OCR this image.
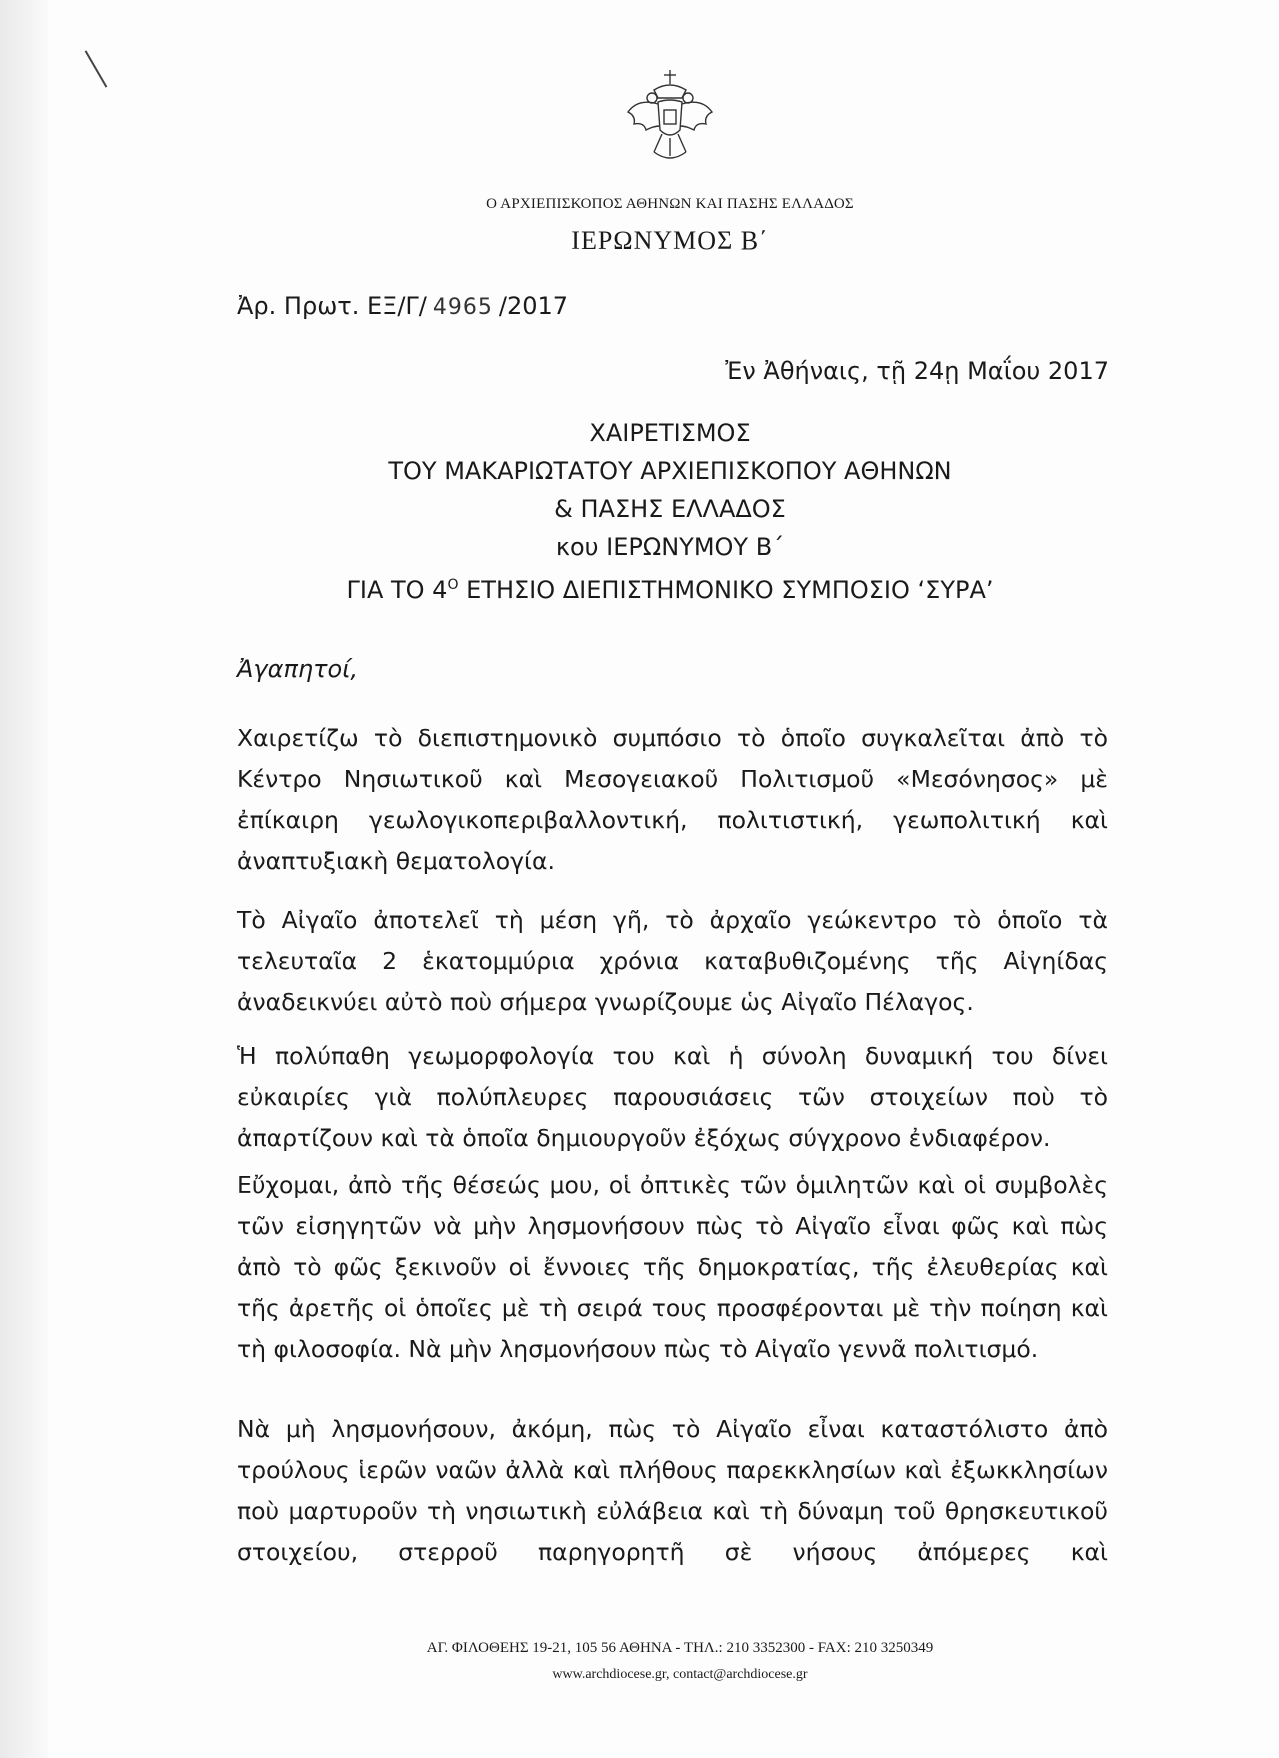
Ο ΑΡΧΙΕΠΙΣΚΟΠΟΣ ΑΘΗΝΩΝ ΚΑΙ ΠΑΣΗΣ ΕΛΛΑΔΟΣ
ΙΕΡΩΝΥΜΟΣ Β΄
Ἀρ. Πρωτ. ΕΞ/Γ/ 4965 /2017
Ἐν Ἀθήναις, τῇ 24ῃ Μαΐου 2017
ΧΑΙΡΕΤΙΣΜΟΣ
ΤΟΥ ΜΑΚΑΡΙΩΤΑΤΟΥ ΑΡΧΙΕΠΙΣΚΟΠΟΥ ΑΘΗΝΩΝ
& ΠΑΣΗΣ ΕΛΛΑΔΟΣ
κου ΙΕΡΩΝΥΜΟΥ Β΄
ΓΙΑ ΤΟ $4^O$ ΕΤΗΣΙΟ ΔΙΕΠΙΣΤΗΜΟΝΙΚΟ ΣΥΜΠΟΣΙΟ ‘ΣΥΡΑ’
Ἀγαπητοί,

Χαιρετίζω τὸ διεπιστημονικὸ συμπόσιο τὸ ὁποῖο συγκαλεῖται ἀπὸ τὸ Κέντρο Νησιωτικοῦ καὶ Μεσογειακοῦ Πολιτισμοῦ «Μεσόνησος» μὲ ἐπίκαιρη γεωλογικοπεριβαλλοντική, πολιτιστική, γεωπολιτική καὶ ἀναπτυξιακὴ θεματολογία.

Τὸ Αἰγαῖο ἀποτελεῖ τὴ μέση γῆ, τὸ ἀρχαῖο γεώκεντρο τὸ ὁποῖο τὰ τελευταῖα 2 ἑκατομμύρια χρόνια καταβυθιζομένης τῆς Αἰγηίδας ἀναδεικνύει αὐτὸ ποὺ σήμερα γνωρίζουμε ὡς Αἰγαῖο Πέλαγος.

Ἡ πολύπαθη γεωμορφολογία του καὶ ἡ σύνολη δυναμική του δίνει εὐκαιρίες γιὰ πολύπλευρες παρουσιάσεις τῶν στοιχείων ποὺ τὸ ἀπαρτίζουν καὶ τὰ ὁποῖα δημιουργοῦν ἐξόχως σύγχρονο ἐνδιαφέρον.

Εὔχομαι, ἀπὸ τῆς θέσεώς μου, οἱ ὀπτικὲς τῶν ὁμιλητῶν καὶ οἱ συμβολὲς τῶν εἰσηγητῶν νὰ μὴν λησμονήσουν πὼς τὸ Αἰγαῖο εἶναι φῶς καὶ πὼς ἀπὸ τὸ φῶς ξεκινοῦν οἱ ἔννοιες τῆς δημοκρατίας, τῆς ἐλευθερίας καὶ τῆς ἀρετῆς οἱ ὁποῖες μὲ τὴ σειρά τους προσφέρονται μὲ τὴν ποίηση καὶ τὴ φιλοσοφία. Νὰ μὴν λησμονήσουν πὼς τὸ Αἰγαῖο γεννᾶ πολιτισμό.

Νὰ μὴ λησμονήσουν, ἀκόμη, πὼς τὸ Αἰγαῖο εἶναι καταστόλιστο ἀπὸ τρούλους ἱερῶν ναῶν ἀλλὰ καὶ πλήθους παρεκκλησίων καὶ ἐξωκκλησίων ποὺ μαρτυροῦν τὴ νησιωτικὴ εὐλάβεια καὶ τὴ δύναμη τοῦ θρησκευτικοῦ στοιχείου, στερροῦ παρηγορητῆ σὲ νήσους ἀπόμερες καὶ

ΑΓ. ΦΙΛΟΘΕΗΣ 19-21, 105 56 ΑΘΗΝΑ - ΤΗΛ.: 210 3352300 - FAX: 210 3250349
www.archdiocese.gr, contact@archdiocese.gr
